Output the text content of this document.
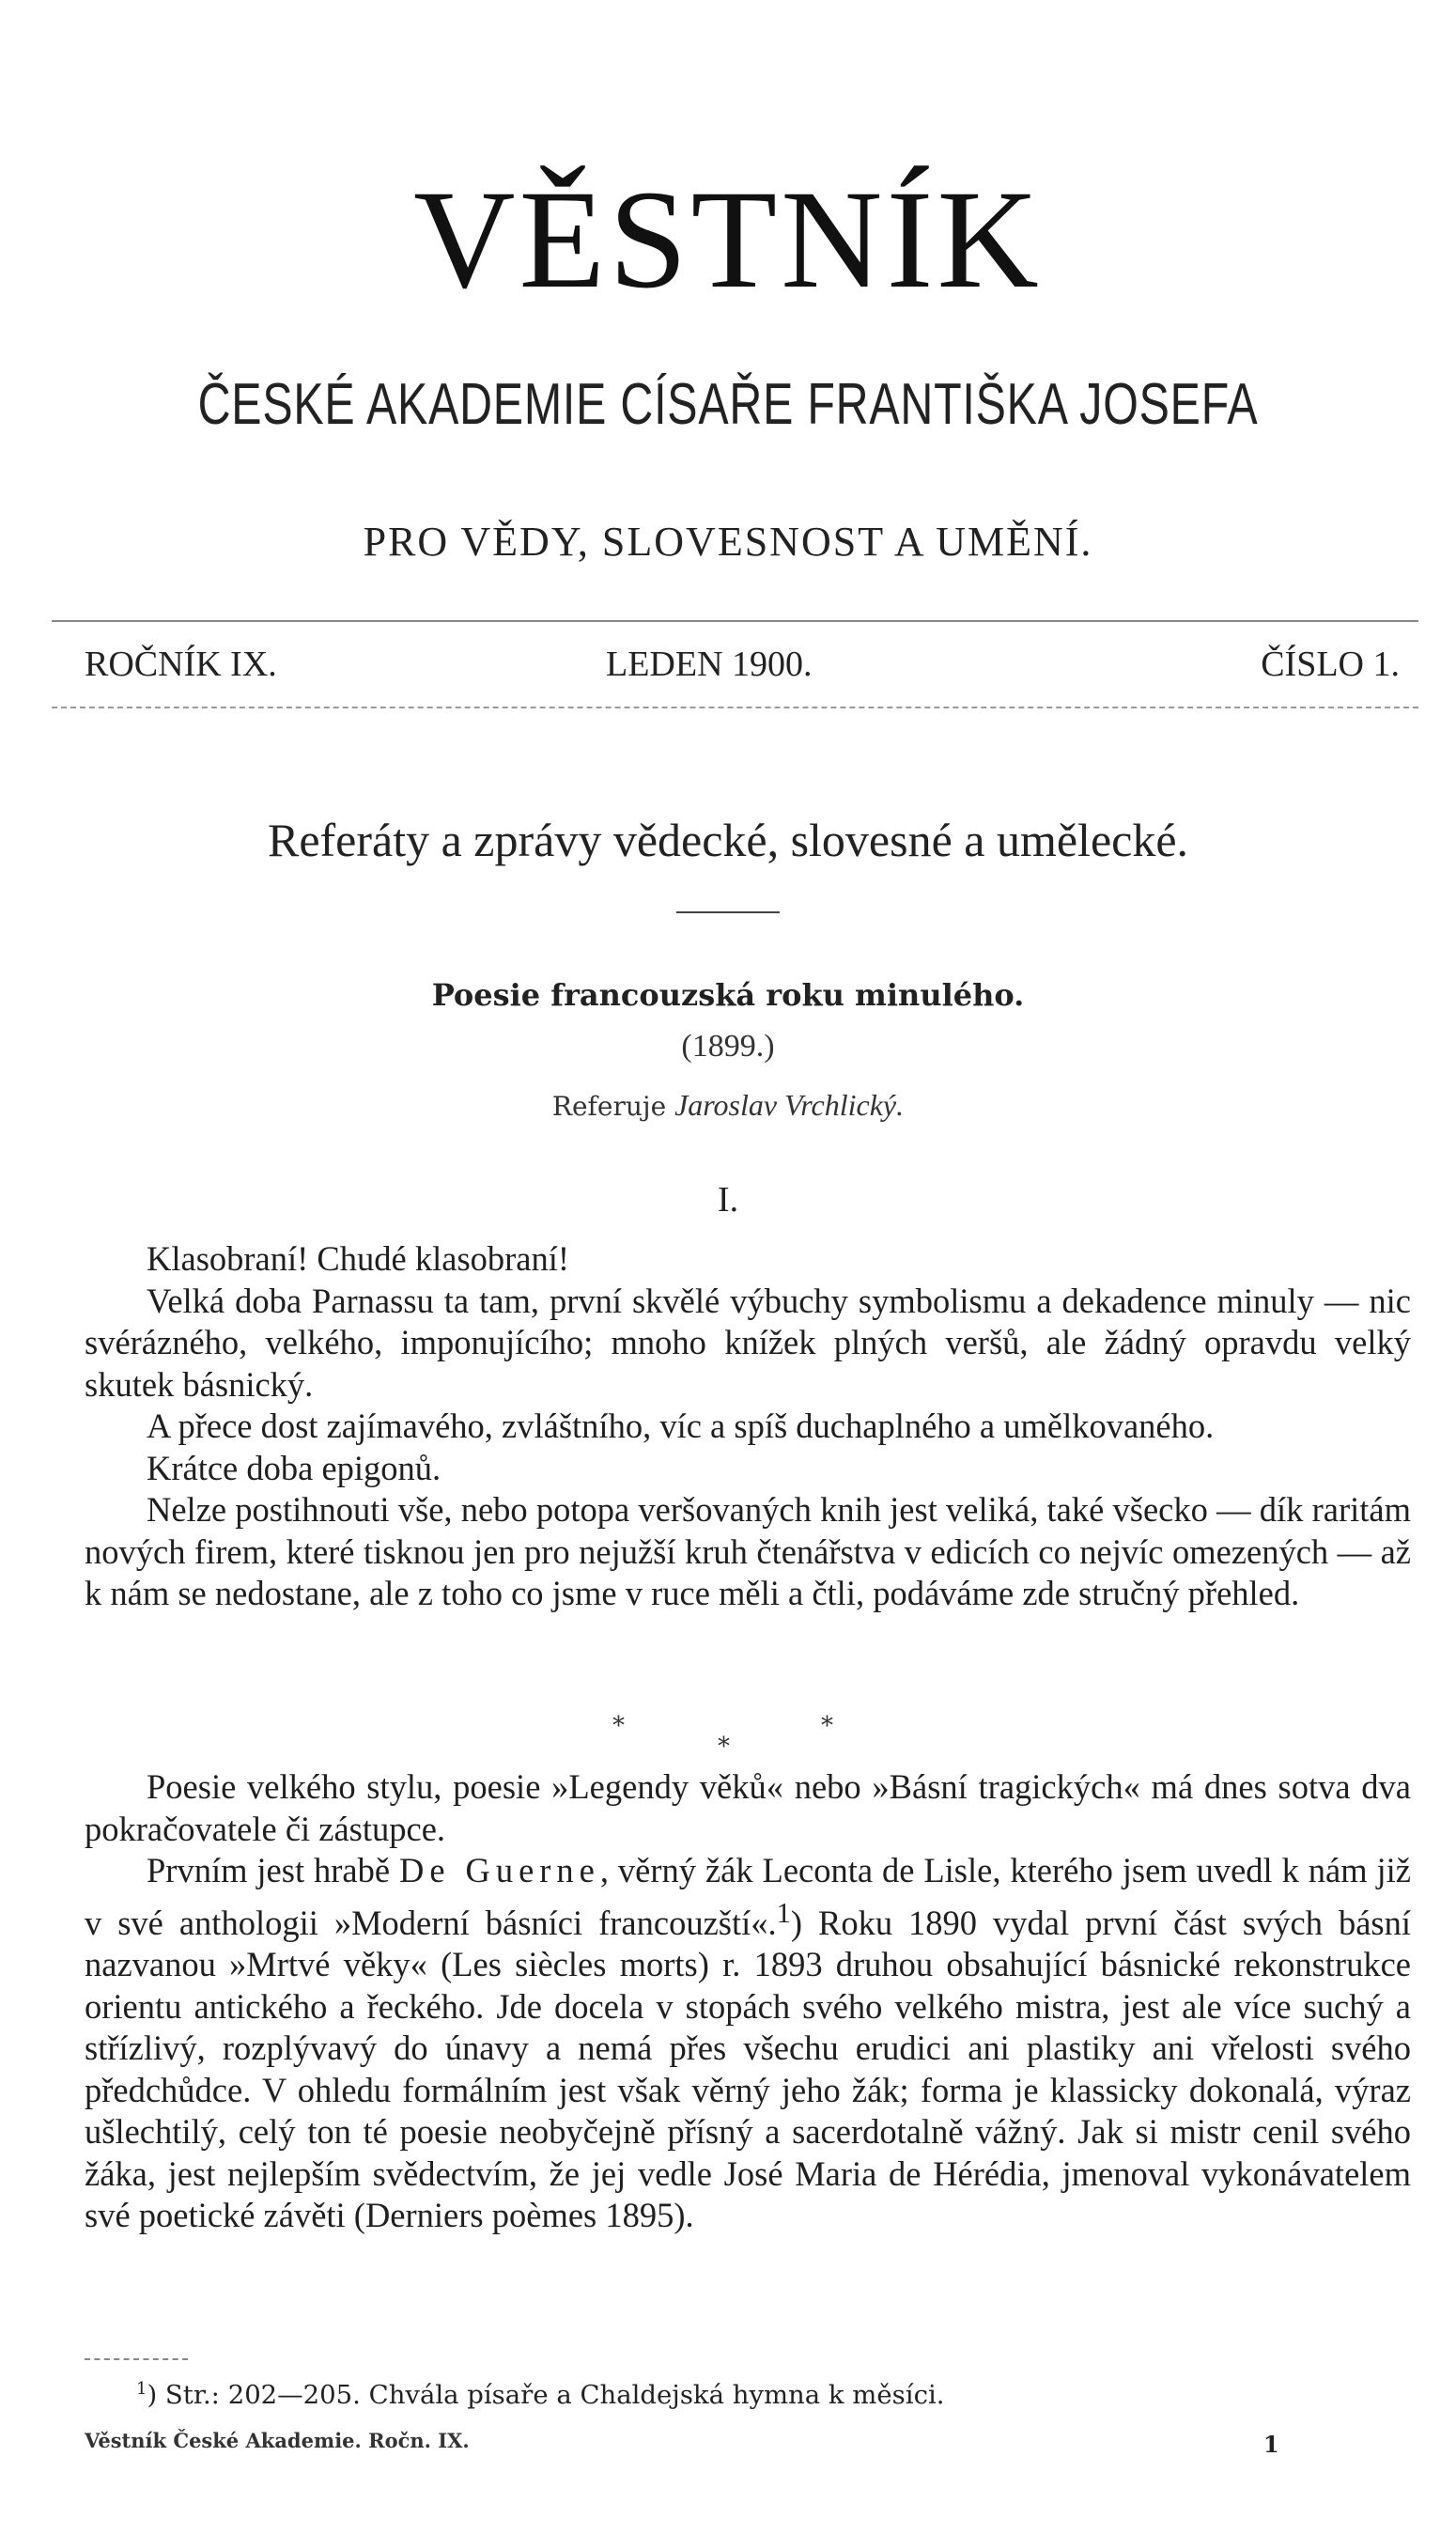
VĚSTNÍK
ČESKÉ AKADEMIE CÍSAŘE FRANTIŠKA JOSEFA
PRO VĚDY, SLOVESNOST A UMĚNÍ.
ROČNÍK IX.	LEDEN 1900.	ČÍSLO 1.
Referáty a zprávy vědecké, slovesné a umělecké.
Poesie francouzská roku minulého.
(1899.)
Referuje Jaroslav Vrchlický.
I.

Klasobraní! Chudé klasobraní!

Velká doba Parnassu ta tam, první skvělé výbuchy symbolismu a dekadence minuly — nic svérázného, velkého, imponujícího; mnoho knížek plných veršů, ale žádný opravdu velký skutek básnický.

A přece dost zajímavého, zvláštního, víc a spíš duchaplného a umělkovaného.

Krátce doba epigonů.

Nelze postihnouti vše, nebo potopa veršovaných knih jest veliká, také všecko — dík raritám nových firem, které tisknou jen pro nejužší kruh čtenářstva v edicích co nejvíc omezených — až k nám se nedostane, ale z toho co jsme v ruce měli a čtli, podáváme zde stručný přehled.

*
*
*

Poesie velkého stylu, poesie »Legendy věků« nebo »Básní tragických« má dnes sotva dva pokračovatele či zástupce.

Prvním jest hrabě De Guerne, věrný žák Leconta de Lisle, kterého jsem uvedl k nám již v své anthologii »Moderní básníci francouzští«.$^1$) Roku 1890 vydal první část svých básní nazvanou »Mrtvé věky« (Les siècles morts) r. 1893 druhou obsahující básnické rekonstrukce orientu antického a řeckého. Jde docela v stopách svého velkého mistra, jest ale více suchý a střízlivý, rozplývavý do únavy a nemá přes všechu erudici ani plastiky ani vřelosti svého předchůdce. V ohledu formálním jest však věrný jeho žák; forma je klassicky dokonalá, výraz ušlechtilý, celý ton té poesie neobyčejně přísný a sacerdotalně vážný. Jak si mistr cenil svého žáka, jest nejlepším svědectvím, že jej vedle José Maria de Hérédia, jmenoval vykonávatelem své poetické závěti (Derniers poèmes 1895).

$^1$) Str.: 202—205. Chvála písaře a Chaldejská hymna k měsíci.
Věstník České Akademie. Ročn. IX.	1
